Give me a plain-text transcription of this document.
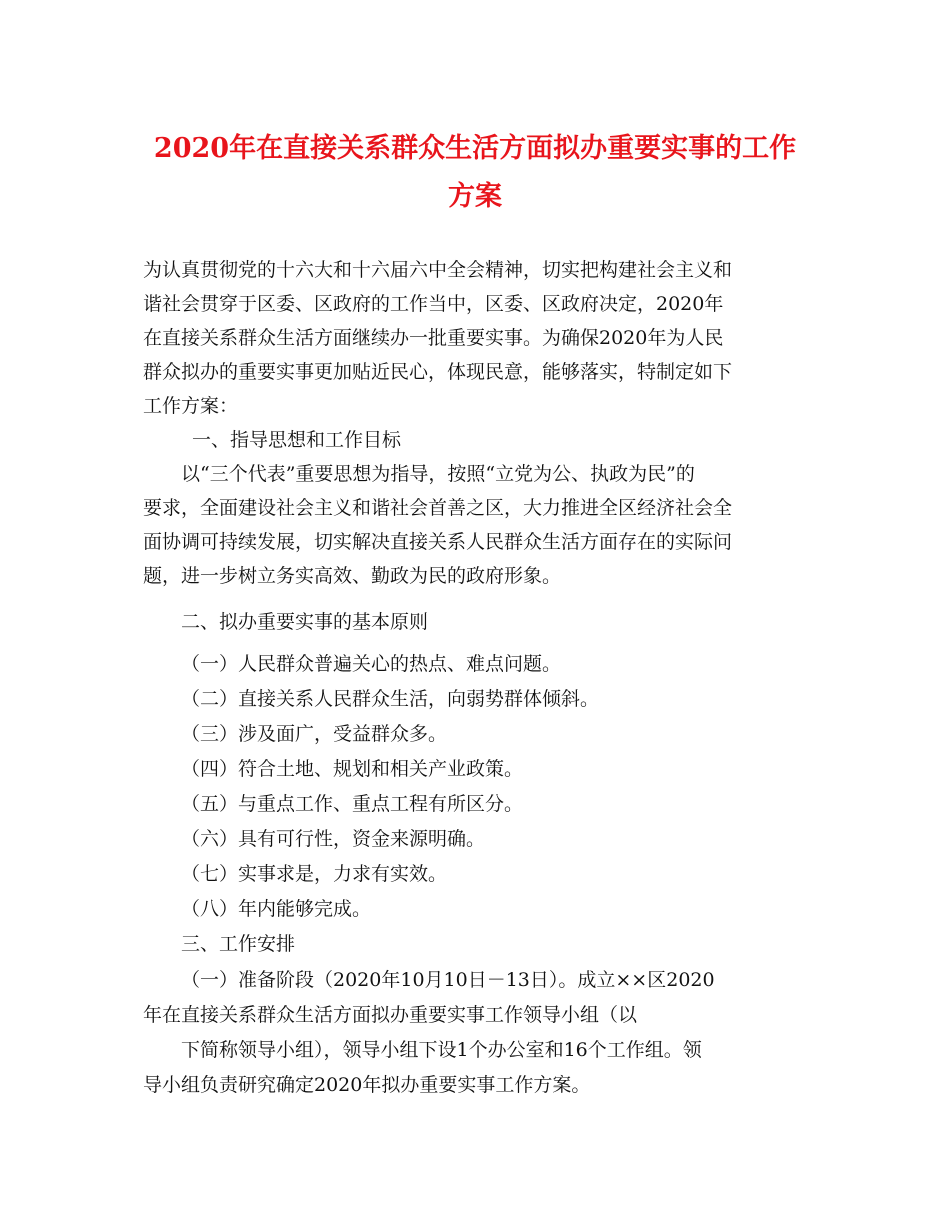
2020年在直接关系群众生活方面拟办重要实事的工作
方案

为认真贯彻党的十六大和十六届六中全会精神，切实把构建社会主义和

谐社会贯穿于区委、区政府的工作当中，区委、区政府决定，2020年

在直接关系群众生活方面继续办一批重要实事。为确保2020年为人民

群众拟办的重要实事更加贴近民心，体现民意，能够落实，特制定如下

工作方案：

一、指导思想和工作目标

以“三个代表”重要思想为指导，按照“立党为公、执政为民”的

要求，全面建设社会主义和谐社会首善之区，大力推进全区经济社会全

面协调可持续发展，切实解决直接关系人民群众生活方面存在的实际问

题，进一步树立务实高效、勤政为民的政府形象。

二、拟办重要实事的基本原则

（一）人民群众普遍关心的热点、难点问题。

（二）直接关系人民群众生活，向弱势群体倾斜。

（三）涉及面广，受益群众多。

（四）符合土地、规划和相关产业政策。

（五）与重点工作、重点工程有所区分。

（六）具有可行性，资金来源明确。

（七）实事求是，力求有实效。

（八）年内能够完成。

三、工作安排

（一）准备阶段（2020年10月10日－13日）。成立××区2020

年在直接关系群众生活方面拟办重要实事工作领导小组（以

下简称领导小组），领导小组下设1个办公室和16个工作组。领

导小组负责研究确定2020年拟办重要实事工作方案。
